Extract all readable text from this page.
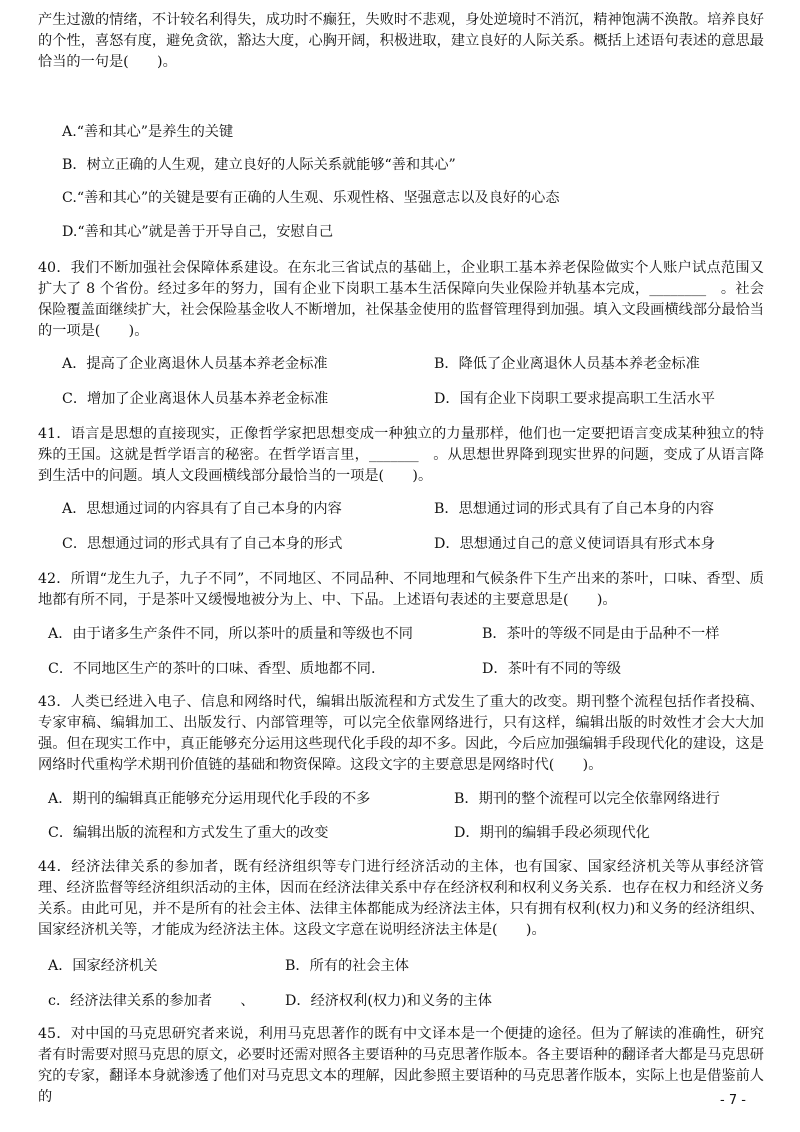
产生过激的情绪，不计较名利得失，成功时不癫狂，失败时不悲观，身处逆境时不消沉，精神饱满不涣散。培养良好的个性，喜怒有度，避免贪欲，豁达大度，心胸开阔，积极进取，建立良好的人际关系。概括上述语句表述的意思最恰当的一句是(　　)。

A.“善和其心”是养生的关键
B．树立正确的人生观，建立良好的人际关系就能够“善和其心”
C.“善和其心”的关键是要有正确的人生观、乐观性格、坚强意志以及良好的心态
D.“善和其心”就是善于开导自己，安慰自己

40．我们不断加强社会保障体系建设。在东北三省试点的基础上，企业职工基本养老保险做实个人账户试点范围又扩大了 8 个省份。经过多年的努力，国有企业下岗职工基本生活保障向失业保险并轨基本完成，________　。社会保险覆盖面继续扩大，社会保险基金收人不断增加，社保基金使用的监督管理得到加强。填入文段画横线部分最恰当的一项是(　　)。

A．提高了企业离退休人员基本养老金标准	B．降低了企业离退休人员基本养老金标准
C．增加了企业离退休人员基本养老金标准	D．国有企业下岗职工要求提高职工生活水平

41．语言是思想的直接现实，正像哲学家把思想变成一种独立的力量那样，他们也一定要把语言变成某种独立的特殊的王国。这就是哲学语言的秘密。在哲学语言里，_______　。从思想世界降到现实世界的问题，变成了从语言降到生活中的问题。填人文段画横线部分最恰当的一项是(　　)。

A．思想通过词的内容具有了自己本身的内容	B．思想通过词的形式具有了自己本身的内容
C．思想通过词的形式具有了自己本身的形式	D．思想通过自己的意义使词语具有形式本身

42．所谓“龙生九子，九子不同”，不同地区、不同品种、不同地理和气候条件下生产出来的茶叶，口味、香型、质地都有所不同，于是茶叶又缓慢地被分为上、中、下品。上述语句表述的主要意思是(　　)。

A．由于诸多生产条件不同，所以茶叶的质量和等级也不同	B．茶叶的等级不同是由于品种不一样
C．不同地区生产的茶叶的口味、香型、质地都不同.	D．茶叶有不同的等级

43．人类已经进入电子、信息和网络时代，编辑出版流程和方式发生了重大的改变。期刊整个流程包括作者投稿、专家审稿、编辑加工、出版发行、内部管理等，可以完全依靠网络进行，只有这样，编辑出版的时效性才会大大加强。但在现实工作中，真正能够充分运用这些现代化手段的却不多。因此，今后应加强编辑手段现代化的建设，这是网络时代重构学术期刊价值链的基础和物资保障。这段文字的主要意思是网络时代(　　)。

A．期刊的编辑真正能够充分运用现代化手段的不多	B．期刊的整个流程可以完全依靠网络进行
C．编辑出版的流程和方式发生了重大的改变	D．期刊的编辑手段必须现代化

44．经济法律关系的参加者，既有经济组织等专门进行经济活动的主体，也有国家、国家经济机关等从事经济管理、经济监督等经济组织活动的主体，因而在经济法律关系中存在经济权利和权利义务关系．也存在权力和经济义务关系。由此可见，并不是所有的社会主体、法律主体都能成为经济法主体，只有拥有权利(权力)和义务的经济组织、国家经济机关等，才能成为经济法主体。这段文字意在说明经济法主体是(　　)。

A．国家经济机关	B．所有的社会主体
c．经济法律关系的参加者　　、 D．经济权利(权力)和义务的主体

45．对中国的马克思研究者来说，利用马克思著作的既有中文译本是一个便捷的途径。但为了解读的准确性，研究者有时需要对照马克思的原文，必要时还需对照各主要语种的马克思著作版本。各主要语种的翻译者大都是马克思研究的专家，翻译本身就渗透了他们对马克思文本的理解，因此参照主要语种的马克思著作版本，实际上也是借鉴前人的	- 7 -
